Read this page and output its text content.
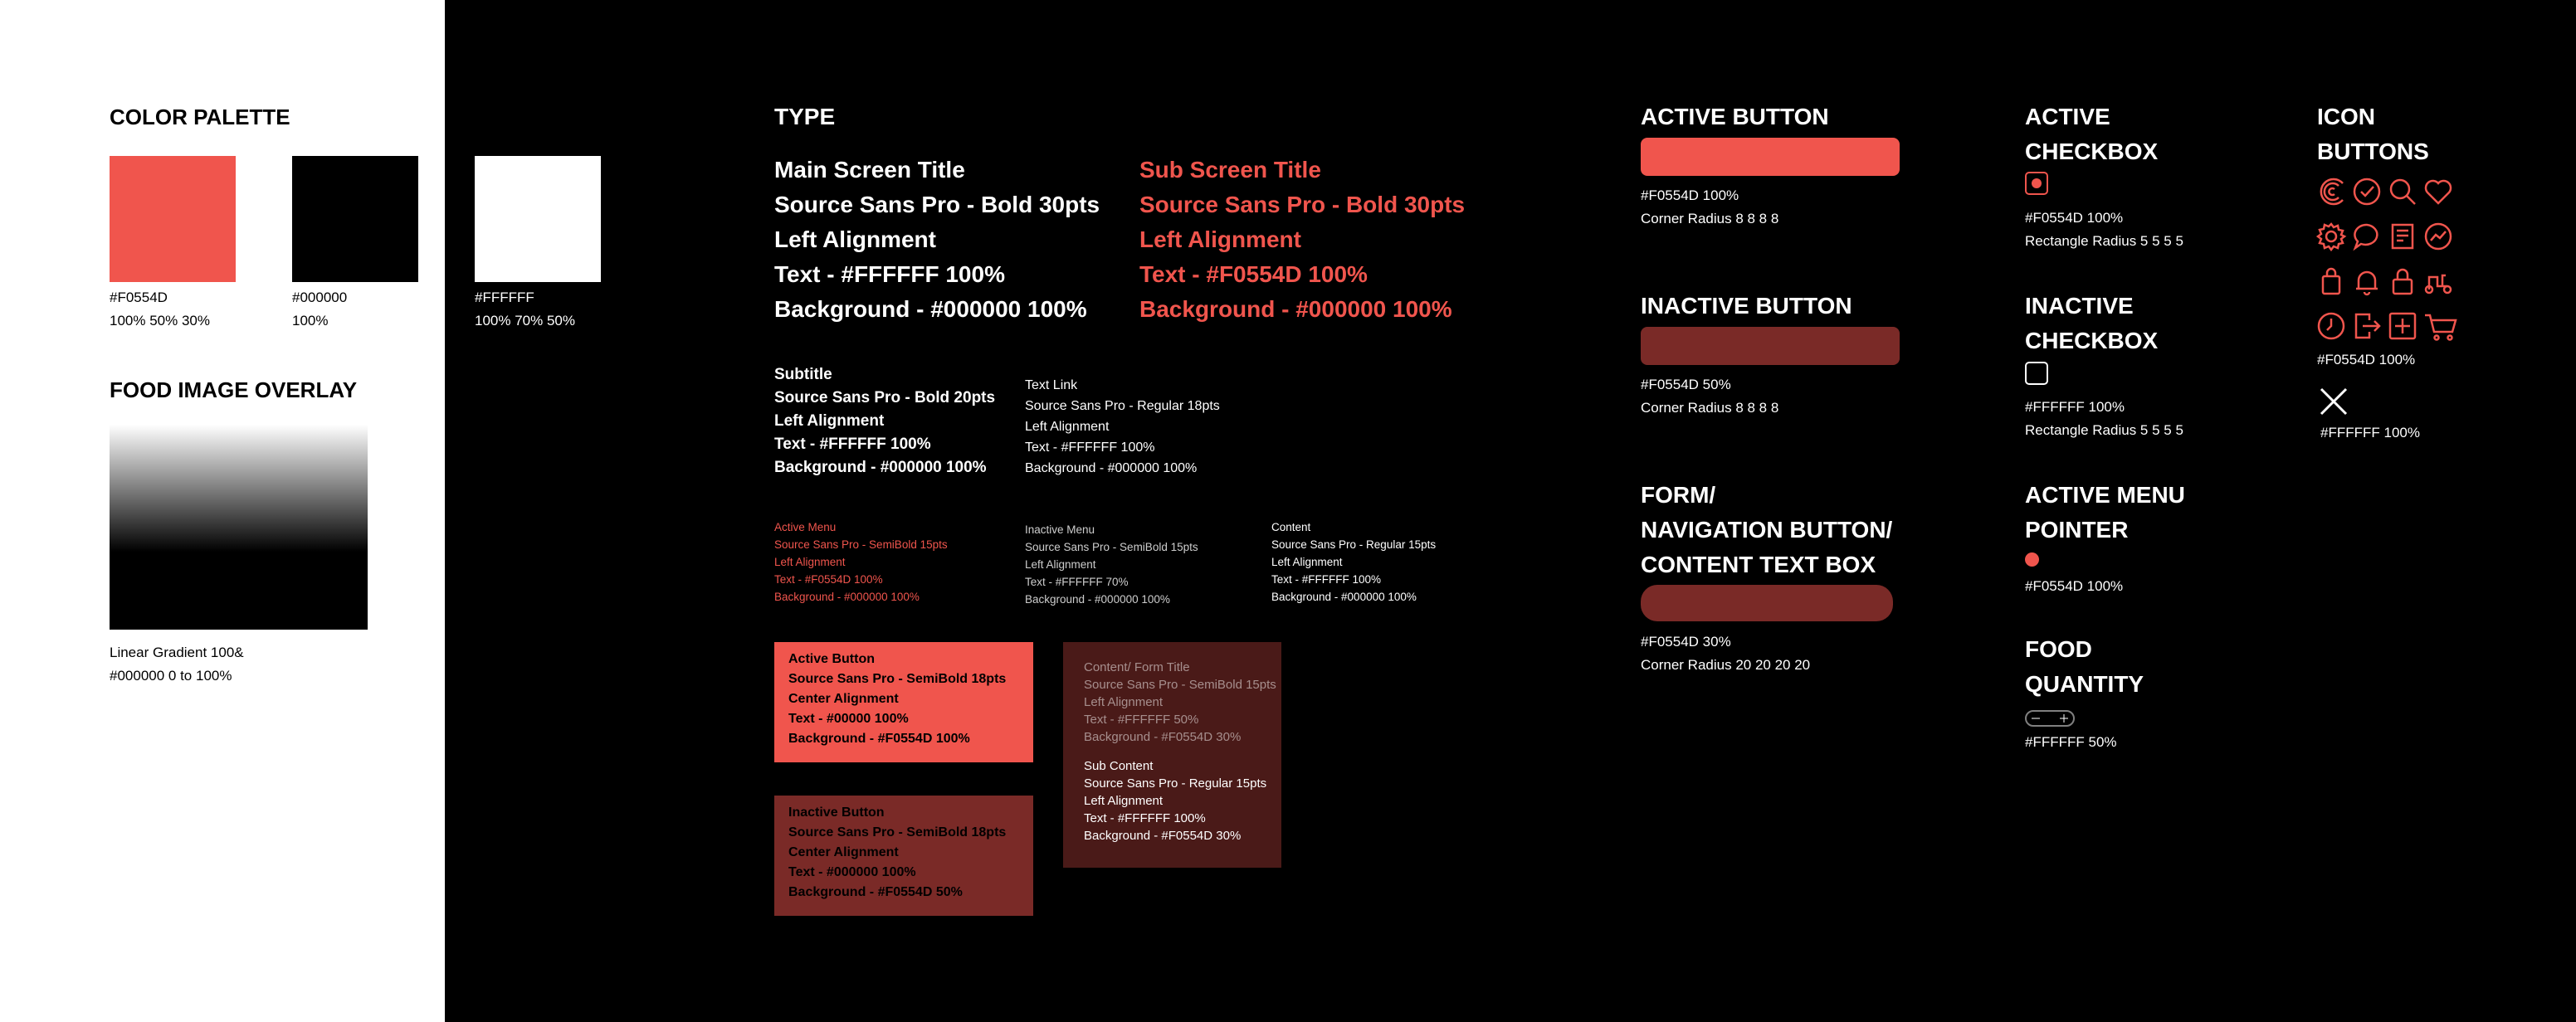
COLOR PALETTE
#F0554D
100% 50% 30%
#000000
100%
#FFFFFF
100% 70% 50%
FOOD IMAGE OVERLAY
Linear Gradient 100&
#000000 0 to 100%
TYPE
Main Screen Title
Source Sans Pro - Bold 30pts
Left Alignment
Text - #FFFFFF 100%
Background - #000000 100%
Sub Screen Title
Source Sans Pro - Bold 30pts
Left Alignment
Text - #F0554D 100%
Background - #000000 100%
Subtitle
Source Sans Pro - Bold 20pts
Left Alignment
Text - #FFFFFF 100%
Background - #000000 100%
Text Link
Source Sans Pro - Regular 18pts
Left Alignment
Text - #FFFFFF 100%
Background - #000000 100%
Active Menu
Source Sans Pro - SemiBold 15pts
Left Alignment
Text - #F0554D 100%
Background - #000000 100%
Inactive Menu
Source Sans Pro - SemiBold 15pts
Left Alignment
Text - #FFFFFF 70%
Background - #000000 100%
Content
Source Sans Pro - Regular 15pts
Left Alignment
Text - #FFFFFF 100%
Background - #000000 100%
Active Button
Source Sans Pro - SemiBold 18pts
Center Alignment
Text - #00000 100%
Background - #F0554D 100%
Inactive Button
Source Sans Pro - SemiBold 18pts
Center Alignment
Text - #000000 100%
Background - #F0554D 50%
Content/ Form Title
Source Sans Pro - SemiBold 15pts
Left Alignment
Text - #FFFFFF 50%
Background - #F0554D 30%
Sub Content
Source Sans Pro - Regular 15pts
Left Alignment
Text - #FFFFFF 100%
Background - #F0554D 30%
ACTIVE BUTTON
#F0554D 100%
Corner Radius 8 8 8 8
INACTIVE BUTTON
#F0554D 50%
Corner Radius 8 8 8 8
FORM/
NAVIGATION BUTTON/
CONTENT TEXT BOX
#F0554D 30%
Corner Radius 20 20 20 20
ACTIVE
CHECKBOX
#F0554D 100%
Rectangle Radius 5 5 5 5
INACTIVE
CHECKBOX
#FFFFFF 100%
Rectangle Radius 5 5 5 5
ACTIVE MENU
POINTER
#F0554D 100%
FOOD
QUANTITY
#FFFFFF 50%
ICON
BUTTONS
#F0554D 100%
#FFFFFF 100%
